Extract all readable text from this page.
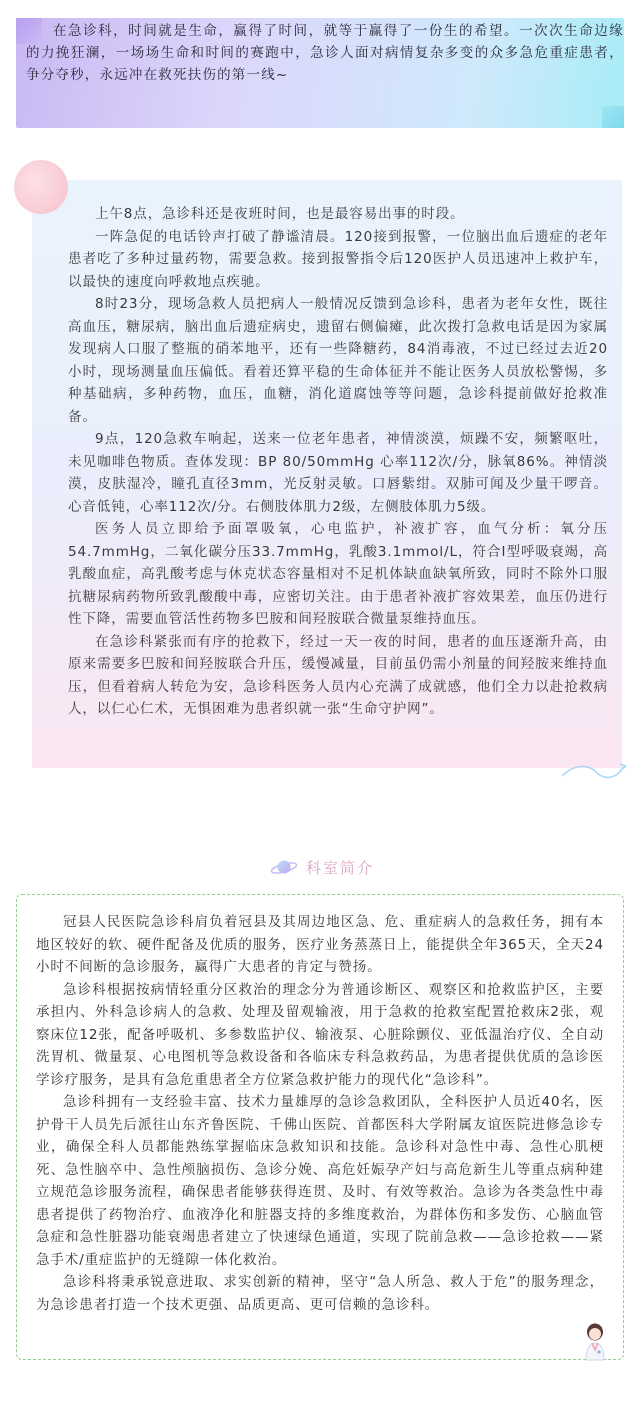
在急诊科，时间就是生命，赢得了时间，就等于赢得了一份生的希望。一次次生命边缘的力挽狂澜，一场场生命和时间的赛跑中，急诊人面对病情复杂多变的众多急危重症患者，争分夺秒，永远冲在救死扶伤的第一线~

上午8点，急诊科还是夜班时间，也是最容易出事的时段。

一阵急促的电话铃声打破了静谧清晨。120接到报警，一位脑出血后遗症的老年患者吃了多种过量药物，需要急救。接到报警指令后120医护人员迅速冲上救护车，以最快的速度向呼救地点疾驰。

8时23分，现场急救人员把病人一般情况反馈到急诊科，患者为老年女性，既往高血压，糖尿病，脑出血后遗症病史，遗留右侧偏瘫，此次拨打急救电话是因为家属发现病人口服了整瓶的硝苯地平，还有一些降糖药，84消毒液，不过已经过去近20小时，现场测量血压偏低。看着还算平稳的生命体征并不能让医务人员放松警惕，多种基础病，多种药物，血压，血糖，消化道腐蚀等等问题，急诊科提前做好抢救准备。

9点，120急救车响起，送来一位老年患者，神情淡漠，烦躁不安，频繁呕吐，未见咖啡色物质。查体发现：BP 80/50mmHg 心率112次/分，脉氧86%。神情淡漠，皮肤湿冷，瞳孔直径3mm，光反射灵敏。口唇紫绀。双肺可闻及少量干啰音。心音低钝，心率112次/分。右侧肢体肌力2级，左侧肢体肌力5级。

医务人员立即给予面罩吸氧，心电监护，补液扩容，血气分析：氧分压54.7mmHg，二氧化碳分压33.7mmHg，乳酸3.1mmol/L，符合I型呼吸衰竭，高乳酸血症，高乳酸考虑与休克状态容量相对不足机体缺血缺氧所致，同时不除外口服抗糖尿病药物所致乳酸酸中毒，应密切关注。由于患者补液扩容效果差，血压仍进行性下降，需要血管活性药物多巴胺和间羟胺联合微量泵维持血压。

在急诊科紧张而有序的抢救下，经过一天一夜的时间，患者的血压逐渐升高，由原来需要多巴胺和间羟胺联合升压，缓慢减量，目前虽仍需小剂量的间羟胺来维持血压，但看着病人转危为安，急诊科医务人员内心充满了成就感，他们全力以赴抢救病人，以仁心仁术，无惧困难为患者织就一张“生命守护网”。

科室简介

冠县人民医院急诊科肩负着冠县及其周边地区急、危、重症病人的急救任务，拥有本地区较好的软、硬件配备及优质的服务，医疗业务蒸蒸日上，能提供全年365天，全天24小时不间断的急诊服务，赢得广大患者的肯定与赞扬。

急诊科根据按病情轻重分区救治的理念分为普通诊断区、观察区和抢救监护区，主要承担内、外科急诊病人的急救、处理及留观输液，用于急救的抢救室配置抢救床2张，观察床位12张，配备呼吸机、多参数监护仪、输液泵、心脏除颤仪、亚低温治疗仪、全自动洗胃机、微量泵、心电图机等急救设备和各临床专科急救药品，为患者提供优质的急诊医学诊疗服务，是具有急危重患者全方位紧急救护能力的现代化“急诊科”。

急诊科拥有一支经验丰富、技术力量雄厚的急诊急救团队，全科医护人员近40名，医护骨干人员先后派往山东齐鲁医院、千佛山医院、首都医科大学附属友谊医院进修急诊专业，确保全科人员都能熟练掌握临床急救知识和技能。急诊科对急性中毒、急性心肌梗死、急性脑卒中、急性颅脑损伤、急诊分娩、高危妊娠孕产妇与高危新生儿等重点病种建立规范急诊服务流程，确保患者能够获得连贯、及时、有效等救治。急诊为各类急性中毒患者提供了药物治疗、血液净化和脏器支持的多维度救治，为群体伤和多发伤、心脑血管急症和急性脏器功能衰竭患者建立了快速绿色通道，实现了院前急救——急诊抢救——紧急手术/重症监护的无缝隙一体化救治。

急诊科将秉承锐意进取、求实创新的精神，坚守“急人所急、救人于危”的服务理念，为急诊患者打造一个技术更强、品质更高、更可信赖的急诊科。
